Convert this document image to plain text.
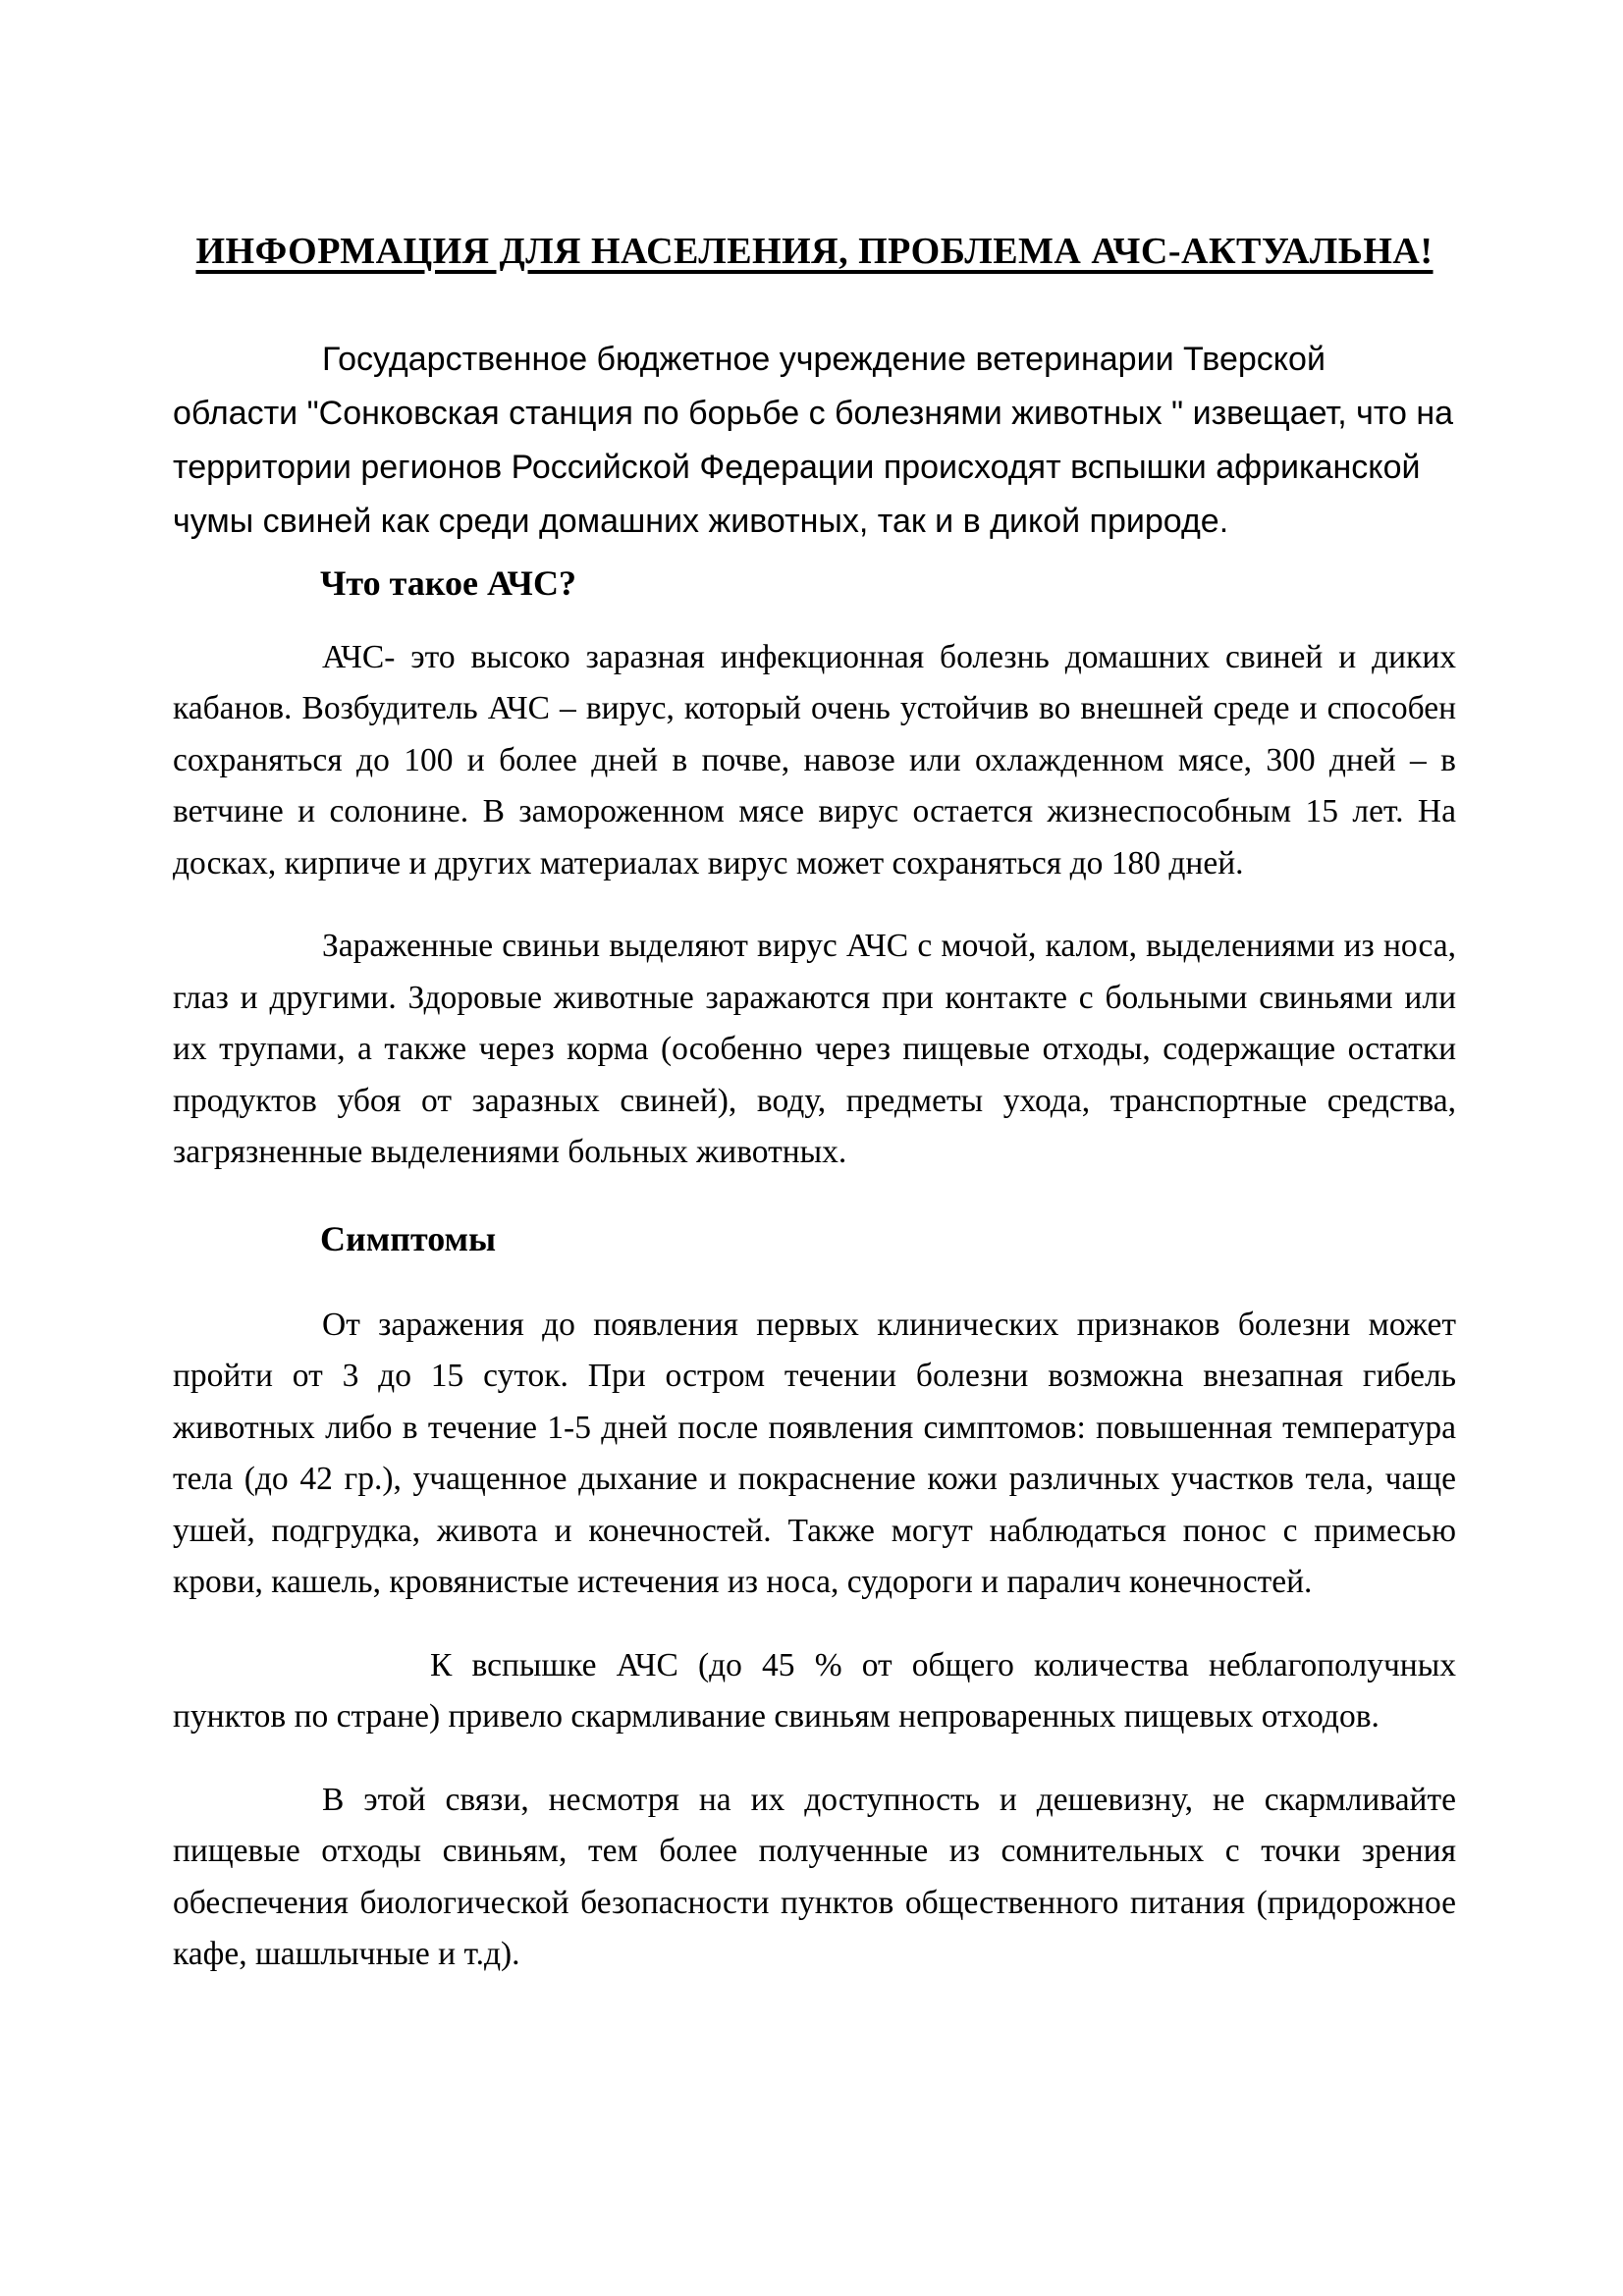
ИНФОРМАЦИЯ ДЛЯ НАСЕЛЕНИЯ, ПРОБЛЕМА АЧС-АКТУАЛЬНА!

Государственное бюджетное учреждение ветеринарии Тверской области "Сонковская станция по борьбе с болезнями животных " извещает, что на территории регионов Российской Федерации происходят вспышки африканской чумы свиней как среди домашних животных, так и в дикой природе.

Что такое АЧС?

АЧС- это высоко заразная инфекционная болезнь домашних свиней и диких кабанов. Возбудитель АЧС – вирус, который очень устойчив во внешней среде и способен сохраняться до 100 и более дней в почве, навозе или охлажденном мясе, 300 дней – в ветчине и солонине. В замороженном мясе вирус остается жизнеспособным 15 лет. На досках, кирпиче и других материалах вирус может сохраняться до 180 дней.

Зараженные свиньи выделяют вирус АЧС с мочой, калом, выделениями из носа, глаз и другими. Здоровые животные заражаются при контакте с больными свиньями или их трупами, а также через корма (особенно через пищевые отходы, содержащие остатки продуктов убоя от заразных свиней), воду, предметы ухода, транспортные средства, загрязненные выделениями больных животных.

Симптомы

От заражения до появления первых клинических признаков болезни может пройти от 3 до 15 суток. При остром течении болезни возможна внезапная гибель животных либо в течение 1-5 дней после появления симптомов: повышенная температура тела (до 42 гр.), учащенное дыхание и покраснение кожи различных участков тела, чаще ушей, подгрудка, живота и конечностей. Также могут наблюдаться понос с примесью крови, кашель, кровянистые истечения из носа, судороги и паралич конечностей.

К вспышке АЧС (до 45 % от общего количества неблагополучных пунктов по стране) привело скармливание свиньям непроваренных пищевых отходов.

В этой связи, несмотря на их доступность и дешевизну, не скармливайте пищевые отходы свиньям, тем более полученные из сомнительных с точки зрения обеспечения биологической безопасности пунктов общественного питания (придорожное кафе, шашлычные и т.д).
